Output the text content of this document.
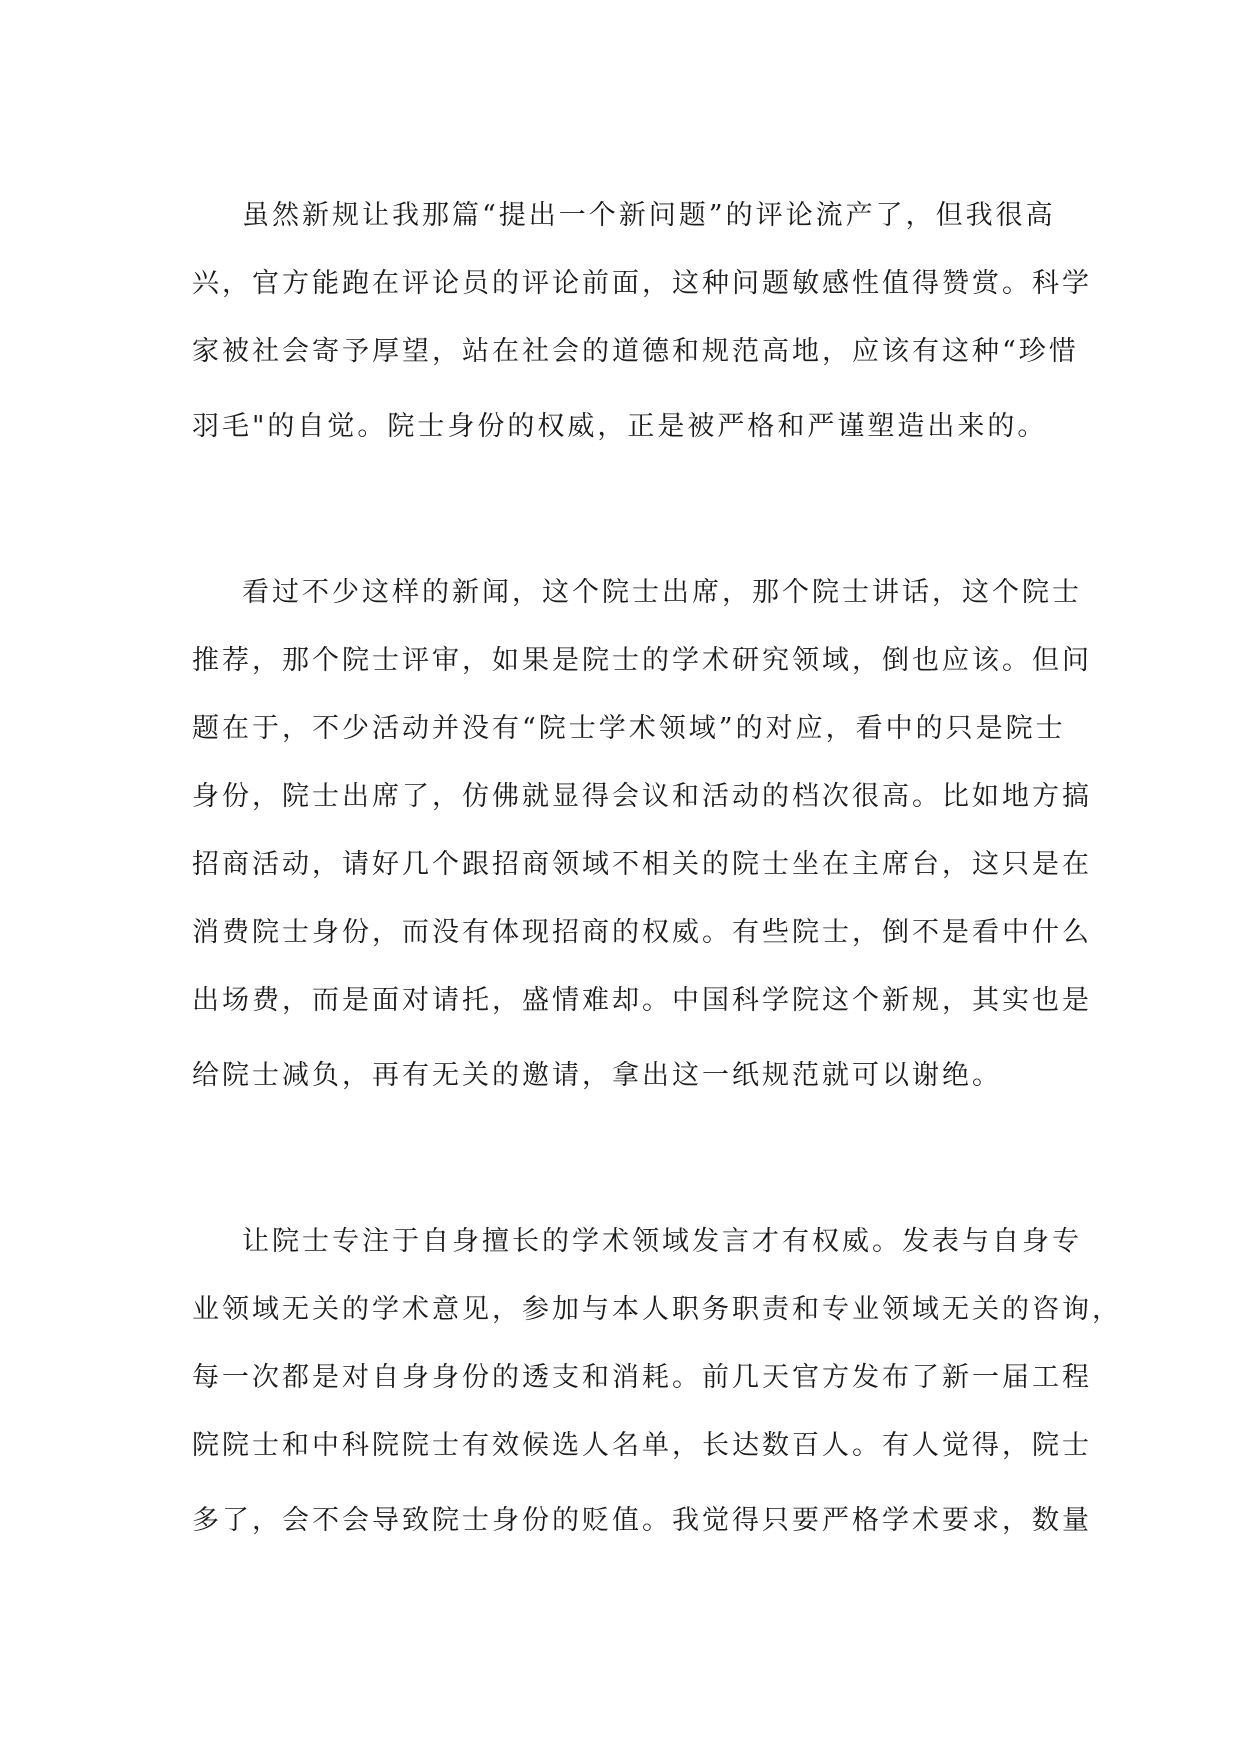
虽然新规让我那篇“提出一个新问题”的评论流产了，但我很高
兴，官方能跑在评论员的评论前面，这种问题敏感性值得赞赏。科学
家被社会寄予厚望，站在社会的道德和规范高地，应该有这种“珍惜
羽毛"的自觉。院士身份的权威，正是被严格和严谨塑造出来的。
看过不少这样的新闻，这个院士出席，那个院士讲话，这个院士
推荐，那个院士评审，如果是院士的学术研究领域，倒也应该。但问
题在于，不少活动并没有“院士学术领域”的对应，看中的只是院士
身份，院士出席了，仿佛就显得会议和活动的档次很高。比如地方搞
招商活动，请好几个跟招商领域不相关的院士坐在主席台，这只是在
消费院士身份，而没有体现招商的权威。有些院士，倒不是看中什么
出场费，而是面对请托，盛情难却。中国科学院这个新规，其实也是
给院士减负，再有无关的邀请，拿出这一纸规范就可以谢绝。
让院士专注于自身擅长的学术领域发言才有权威。发表与自身专
业领域无关的学术意见，参加与本人职务职责和专业领域无关的咨询，
每一次都是对自身身份的透支和消耗。前几天官方发布了新一届工程
院院士和中科院院士有效候选人名单，长达数百人。有人觉得，院士
多了，会不会导致院士身份的贬值。我觉得只要严格学术要求，数量
